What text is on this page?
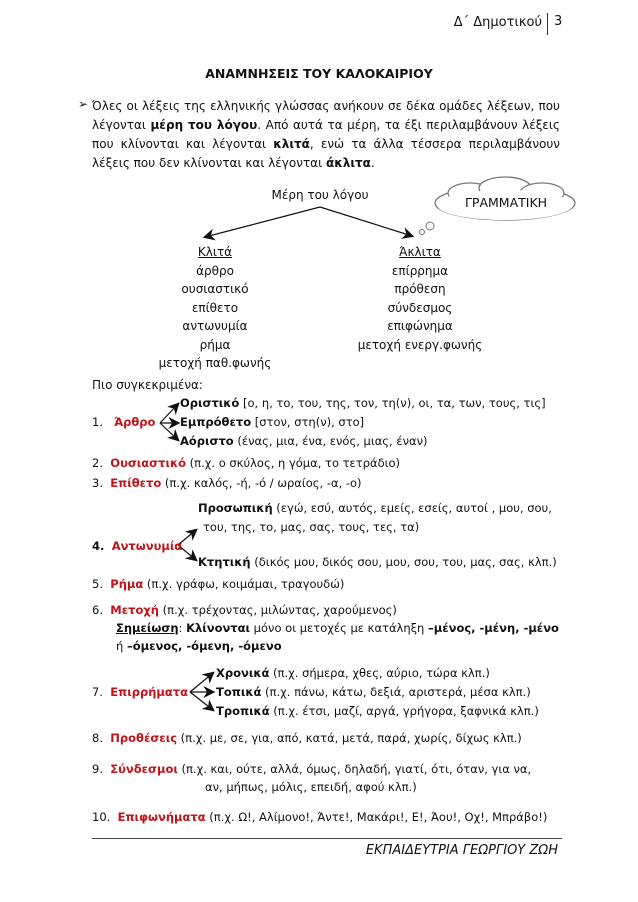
Δ΄ Δημοτικού 3
ΑΝΑΜΝΗΣΕΙΣ ΤΟΥ ΚΑΛΟΚΑΙΡΙΟΥ
➢ Όλες οι λέξεις της ελληνικής γλώσσας ανήκουν σε δέκα ομάδες λέξεων, που λέγονται μέρη του λόγου. Από αυτά τα μέρη, τα έξι περιλαμβάνουν λέξεις που κλίνονται και λέγονται κλιτά, ενώ τα άλλα τέσσερα περιλαμβάνουν λέξεις που δεν κλίνονται και λέγονται άκλιτα.
Μέρη του λόγου	ΓΡΑΜΜΑΤΙΚΗ
Κλιτά
άρθρο
ουσιαστικό
επίθετο
αντωνυμία
ρήμα
μετοχή παθ.φωνής
Άκλιτα
επίρρημα
πρόθεση
σύνδεσμος
επιφώνημα
μετοχή ενεργ.φωνής
Πιο συγκεκριμένα:
Οριστικό [ο, η, το, του, της, τον, τη(ν), οι, τα, των, τους, τις]
1. Άρθρο Εμπρόθετο [στον, στη(ν), στο]
Αόριστο (ένας, μια, ένα, ενός, μιας, έναν)
2. Ουσιαστικό (π.χ. ο σκύλος, η γόμα, το τετράδιο)
3. Επίθετο (π.χ. καλός, -ή, -ό / ωραίος, -α, -ο)
Προσωπική (εγώ, εσύ, αυτός, εμείς, εσείς, αυτοί , μου, σου,
του, της, το, μας, σας, τους, τες, τα)
4. Αντωνυμία
Κτητική (δικός μου, δικός σου, μου, σου, του, μας, σας, κλπ.)
5. Ρήμα (π.χ. γράφω, κοιμάμαι, τραγουδώ)
6. Μετοχή (π.χ. τρέχοντας, μιλώντας, χαρούμενος)
Σημείωση: Κλίνονται μόνο οι μετοχές με κατάληξη –μένος, -μένη, -μένο
ή –όμενος, -όμενη, -όμενο
Χρονικά (π.χ. σήμερα, χθες, αύριο, τώρα κλπ.)
7. Επιρρήματα Τοπικά (π.χ. πάνω, κάτω, δεξιά, αριστερά, μέσα κλπ.)
Τροπικά (π.χ. έτσι, μαζί, αργά, γρήγορα, ξαφνικά κλπ.)
8. Προθέσεις (π.χ. με, σε, για, από, κατά, μετά, παρά, χωρίς, δίχως κλπ.)
9. Σύνδεσμοι (π.χ. και, ούτε, αλλά, όμως, δηλαδή, γιατί, ότι, όταν, για να,
αν, μήπως, μόλις, επειδή, αφού κλπ.)
10. Επιφωνήματα (π.χ. Ω!, Αλίμονο!, Άντε!, Μακάρι!, Ε!, Άου!, Οχ!, Μπράβο!)
ΕΚΠΑΙΔΕΥΤΡΙΑ ΓΕΩΡΓΙΟΥ ΖΩΗ
